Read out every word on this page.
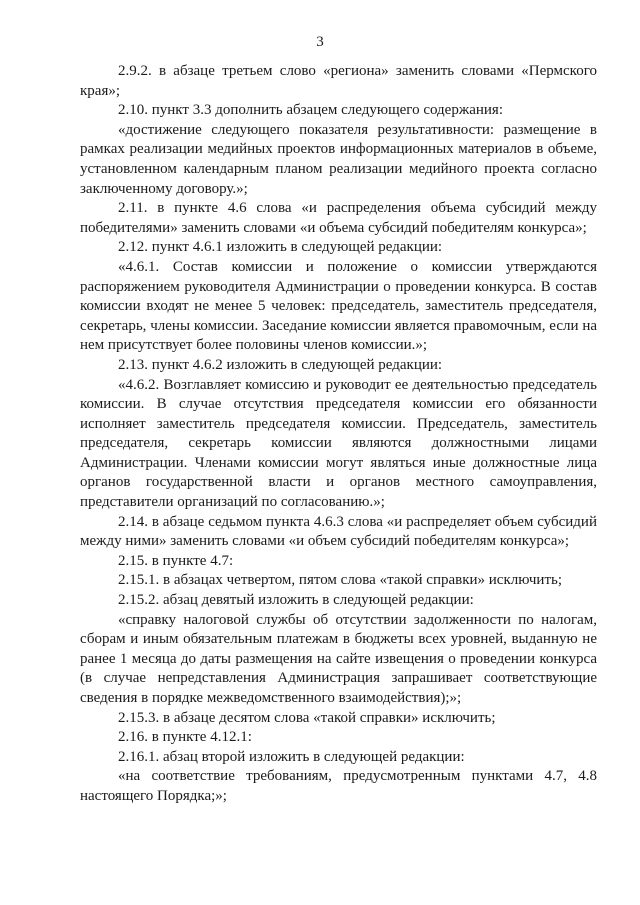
3

2.9.2. в абзаце третьем слово «региона» заменить словами «Пермского края»;

2.10. пункт 3.3 дополнить абзацем следующего содержания:

«достижение следующего показателя результативности: размещение в рамках реализации медийных проектов информационных материалов в объеме, установленном календарным планом реализации медийного проекта согласно заключенному договору.»;

2.11. в пункте 4.6 слова «и распределения объема субсидий между победителями» заменить словами «и объема субсидий победителям конкурса»;

2.12. пункт 4.6.1 изложить в следующей редакции:

«4.6.1. Состав комиссии и положение о комиссии утверждаются распоряжением руководителя Администрации о проведении конкурса. В состав комиссии входят не менее 5 человек: председатель, заместитель председателя, секретарь, члены комиссии. Заседание комиссии является правомочным, если на нем присутствует более половины членов комиссии.»;

2.13. пункт 4.6.2 изложить в следующей редакции:

«4.6.2. Возглавляет комиссию и руководит ее деятельностью председатель комиссии. В случае отсутствия председателя комиссии его обязанности исполняет заместитель председателя комиссии. Председатель, заместитель председателя, секретарь комиссии являются должностными лицами Администрации. Членами комиссии могут являться иные должностные лица органов государственной власти и органов местного самоуправления, представители организаций по согласованию.»;

2.14. в абзаце седьмом пункта 4.6.3 слова «и распределяет объем субсидий между ними» заменить словами «и объем субсидий победителям конкурса»;

2.15. в пункте 4.7:

2.15.1. в абзацах четвертом, пятом слова «такой справки» исключить;

2.15.2. абзац девятый изложить в следующей редакции:

«справку налоговой службы об отсутствии задолженности по налогам, сборам и иным обязательным платежам в бюджеты всех уровней, выданную не ранее 1 месяца до даты размещения на сайте извещения о проведении конкурса (в случае непредставления Администрация запрашивает соответствующие сведения в порядке межведомственного взаимодействия);»;

2.15.3. в абзаце десятом слова «такой справки» исключить;

2.16. в пункте 4.12.1:

2.16.1. абзац второй изложить в следующей редакции:

«на соответствие требованиям, предусмотренным пунктами 4.7, 4.8 настоящего Порядка;»;
